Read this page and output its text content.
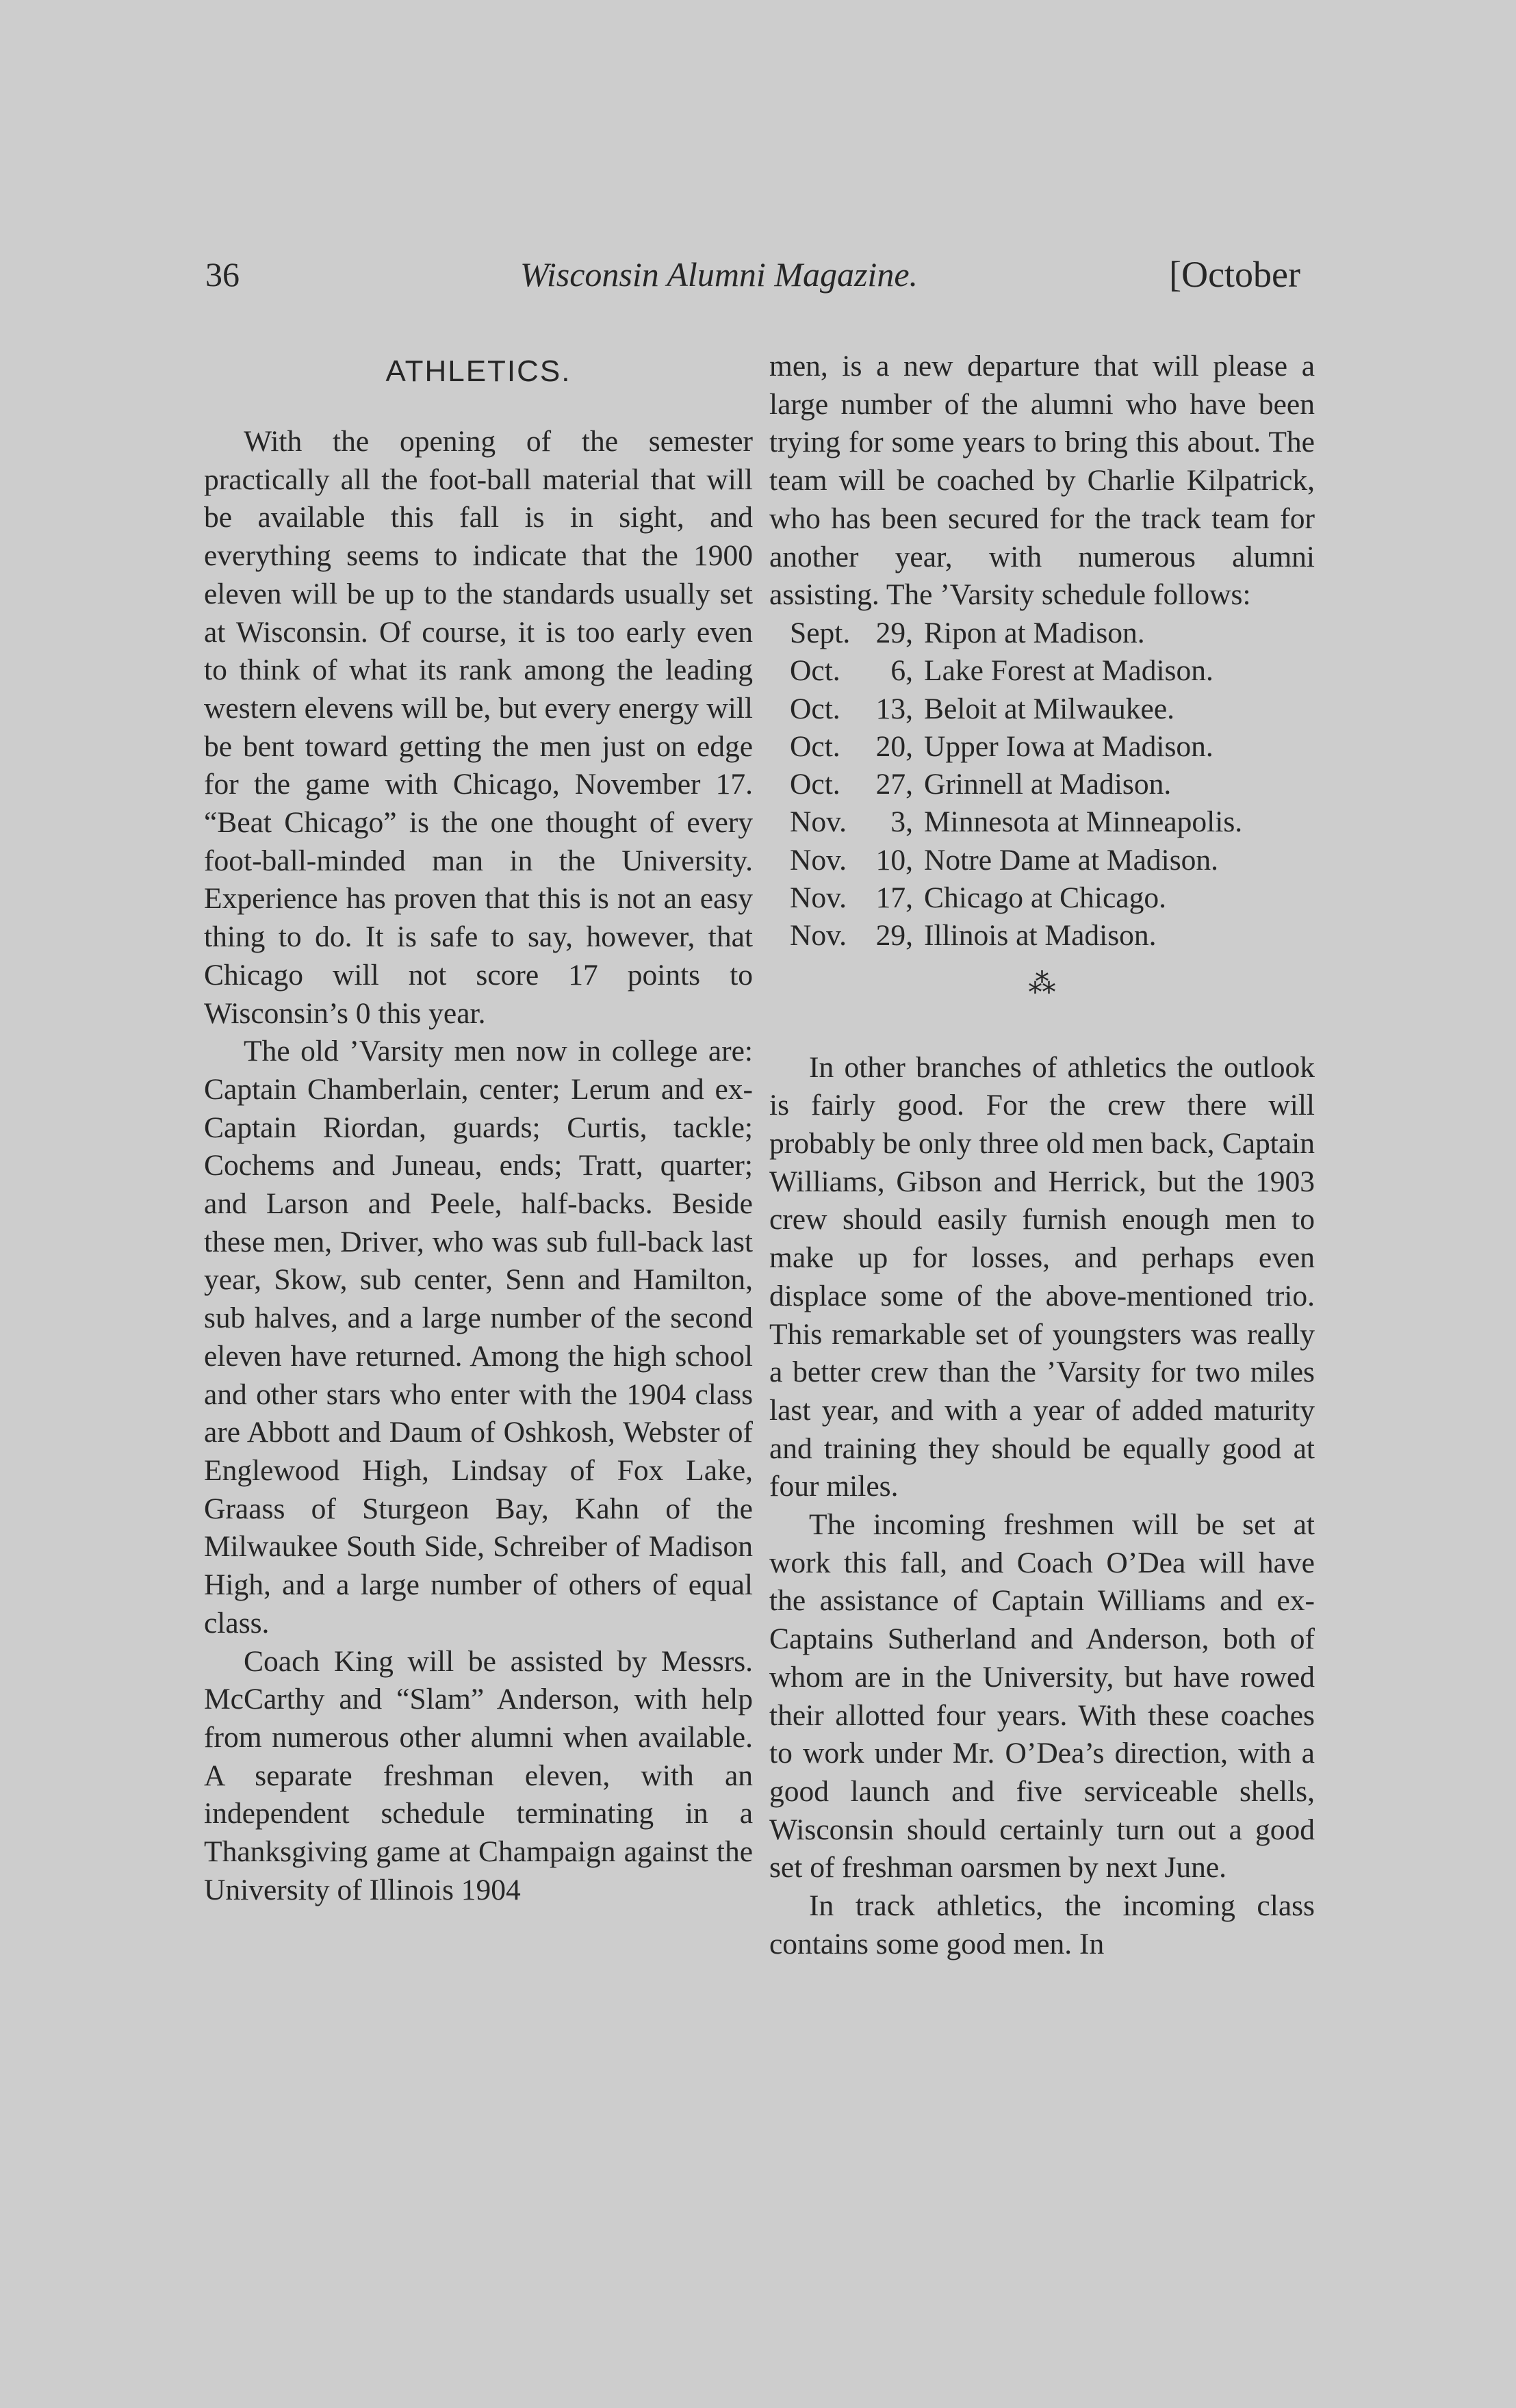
36	Wisconsin Alumni Magazine.	[October
ATHLETICS.

With the opening of the semester practically all the foot-ball material that will be available this fall is in sight, and everything seems to indicate that the 1900 eleven will be up to the standards usually set at Wisconsin. Of course, it is too early even to think of what its rank among the leading western elevens will be, but every energy will be bent toward getting the men just on edge for the game with Chicago, November 17. “Beat Chicago” is the one thought of every foot-ball-minded man in the University. Experience has proven that this is not an easy thing to do. It is safe to say, however, that Chicago will not score 17 points to Wisconsin’s 0 this year.

The old ’Varsity men now in college are: Captain Chamberlain, center; Lerum and ex-Captain Riordan, guards; Curtis, tackle; Cochems and Juneau, ends; Tratt, quarter; and Larson and Peele, half-backs. Beside these men, Driver, who was sub full-back last year, Skow, sub center, Senn and Hamilton, sub halves, and a large number of the second eleven have returned. Among the high school and other stars who enter with the 1904 class are Abbott and Daum of Oshkosh, Webster of Englewood High, Lindsay of Fox Lake, Graass of Sturgeon Bay, Kahn of the Milwaukee South Side, Schreiber of Madison High, and a large number of others of equal class.

Coach King will be assisted by Messrs. McCarthy and “Slam” Anderson, with help from numerous other alumni when available. A separate freshman eleven, with an independent schedule terminating in a Thanksgiving game at Champaign against the University of Illinois 1904

men, is a new departure that will please a large number of the alumni who have been trying for some years to bring this about. The team will be coached by Charlie Kilpatrick, who has been secured for the track team for another year, with numerous alumni assisting. The ’Varsity schedule follows:

Sept. 29, Ripon at Madison.
Oct.	6, Lake Forest at Madison.
Oct.	13, Beloit at Milwaukee.
Oct.	20, Upper Iowa at Madison.
Oct.	27, Grinnell at Madison.
Nov.	3, Minnesota at Minneapolis.
Nov. 10, Notre Dame at Madison.
Nov. 17, Chicago at Chicago.
Nov. 29, Illinois at Madison.
⁂

In other branches of athletics the outlook is fairly good. For the crew there will probably be only three old men back, Captain Williams, Gibson and Herrick, but the 1903 crew should easily furnish enough men to make up for losses, and perhaps even displace some of the above-mentioned trio. This remarkable set of youngsters was really a better crew than the ’Varsity for two miles last year, and with a year of added maturity and training they should be equally good at four miles.

The incoming freshmen will be set at work this fall, and Coach O’Dea will have the assistance of Captain Williams and ex-Captains Sutherland and Anderson, both of whom are in the University, but have rowed their allotted four years. With these coaches to work under Mr. O’Dea’s direction, with a good launch and five serviceable shells, Wisconsin should certainly turn out a good set of freshman oarsmen by next June.

In track athletics, the incoming class contains some good men. In
